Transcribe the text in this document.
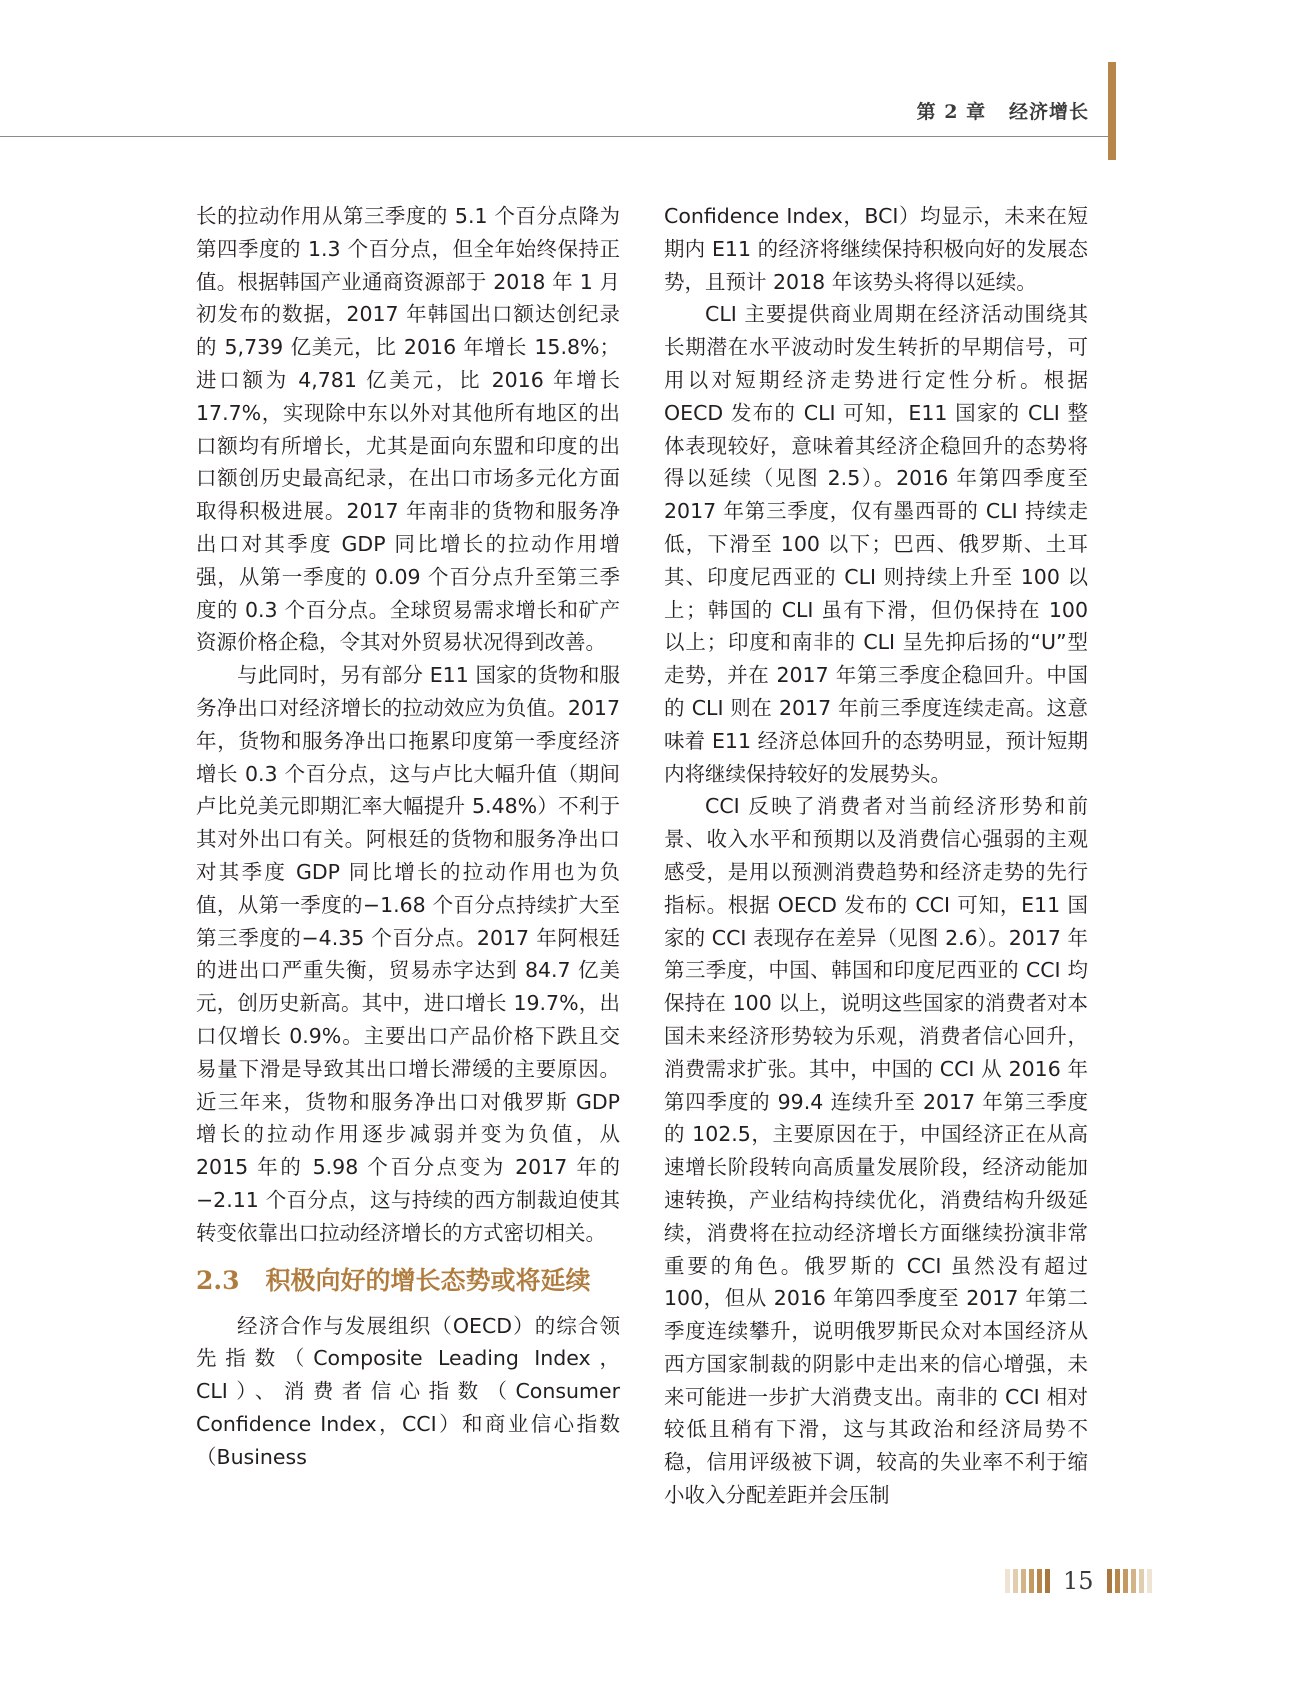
第 2 章 经济增长

长的拉动作用从第三季度的 5.1 个百分点降为第四季度的 1.3 个百分点，但全年始终保持正值。根据韩国产业通商资源部于 2018 年 1 月初发布的数据，2017 年韩国出口额达创纪录的 5,739 亿美元，比 2016 年增长 15.8%；进口额为 4,781 亿美元，比 2016 年增长 17.7%，实现除中东以外对其他所有地区的出口额均有所增长，尤其是面向东盟和印度的出口额创历史最高纪录，在出口市场多元化方面取得积极进展。2017 年南非的货物和服务净出口对其季度 GDP 同比增长的拉动作用增强，从第一季度的 0.09 个百分点升至第三季度的 0.3 个百分点。全球贸易需求增长和矿产资源价格企稳，令其对外贸易状况得到改善。

与此同时，另有部分 E11 国家的货物和服务净出口对经济增长的拉动效应为负值。2017 年，货物和服务净出口拖累印度第一季度经济增长 0.3 个百分点，这与卢比大幅升值（期间卢比兑美元即期汇率大幅提升 5.48%）不利于其对外出口有关。阿根廷的货物和服务净出口对其季度 GDP 同比增长的拉动作用也为负值，从第一季度的−1.68 个百分点持续扩大至第三季度的−4.35 个百分点。2017 年阿根廷的进出口严重失衡，贸易赤字达到 84.7 亿美元，创历史新高。其中，进口增长 19.7%，出口仅增长 0.9%。主要出口产品价格下跌且交易量下滑是导致其出口增长滞缓的主要原因。近三年来，货物和服务净出口对俄罗斯 GDP 增长的拉动作用逐步减弱并变为负值，从 2015 年的 5.98 个百分点变为 2017 年的−2.11 个百分点，这与持续的西方制裁迫使其转变依靠出口拉动经济增长的方式密切相关。

2.3 积极向好的增长态势或将延续

经济合作与发展组织（OECD）的综合领先指数（Composite Leading Index，CLI）、消费者信心指数（Consumer Confidence Index，CCI）和商业信心指数（Business

Confidence Index，BCI）均显示，未来在短期内 E11 的经济将继续保持积极向好的发展态势，且预计 2018 年该势头将得以延续。

CLI 主要提供商业周期在经济活动围绕其长期潜在水平波动时发生转折的早期信号，可用以对短期经济走势进行定性分析。根据 OECD 发布的 CLI 可知，E11 国家的 CLI 整体表现较好，意味着其经济企稳回升的态势将得以延续（见图 2.5）。2016 年第四季度至 2017 年第三季度，仅有墨西哥的 CLI 持续走低，下滑至 100 以下；巴西、俄罗斯、土耳其、印度尼西亚的 CLI 则持续上升至 100 以上；韩国的 CLI 虽有下滑，但仍保持在 100 以上；印度和南非的 CLI 呈先抑后扬的“U”型走势，并在 2017 年第三季度企稳回升。中国的 CLI 则在 2017 年前三季度连续走高。这意味着 E11 经济总体回升的态势明显，预计短期内将继续保持较好的发展势头。

CCI 反映了消费者对当前经济形势和前景、收入水平和预期以及消费信心强弱的主观感受，是用以预测消费趋势和经济走势的先行指标。根据 OECD 发布的 CCI 可知，E11 国家的 CCI 表现存在差异（见图 2.6）。2017 年第三季度，中国、韩国和印度尼西亚的 CCI 均保持在 100 以上，说明这些国家的消费者对本国未来经济形势较为乐观，消费者信心回升，消费需求扩张。其中，中国的 CCI 从 2016 年第四季度的 99.4 连续升至 2017 年第三季度的 102.5，主要原因在于，中国经济正在从高速增长阶段转向高质量发展阶段，经济动能加速转换，产业结构持续优化，消费结构升级延续，消费将在拉动经济增长方面继续扮演非常重要的角色。俄罗斯的 CCI 虽然没有超过 100，但从 2016 年第四季度至 2017 年第二季度连续攀升，说明俄罗斯民众对本国经济从西方国家制裁的阴影中走出来的信心增强，未来可能进一步扩大消费支出。南非的 CCI 相对较低且稍有下滑，这与其政治和经济局势不稳，信用评级被下调，较高的失业率不利于缩小收入分配差距并会压制

15
